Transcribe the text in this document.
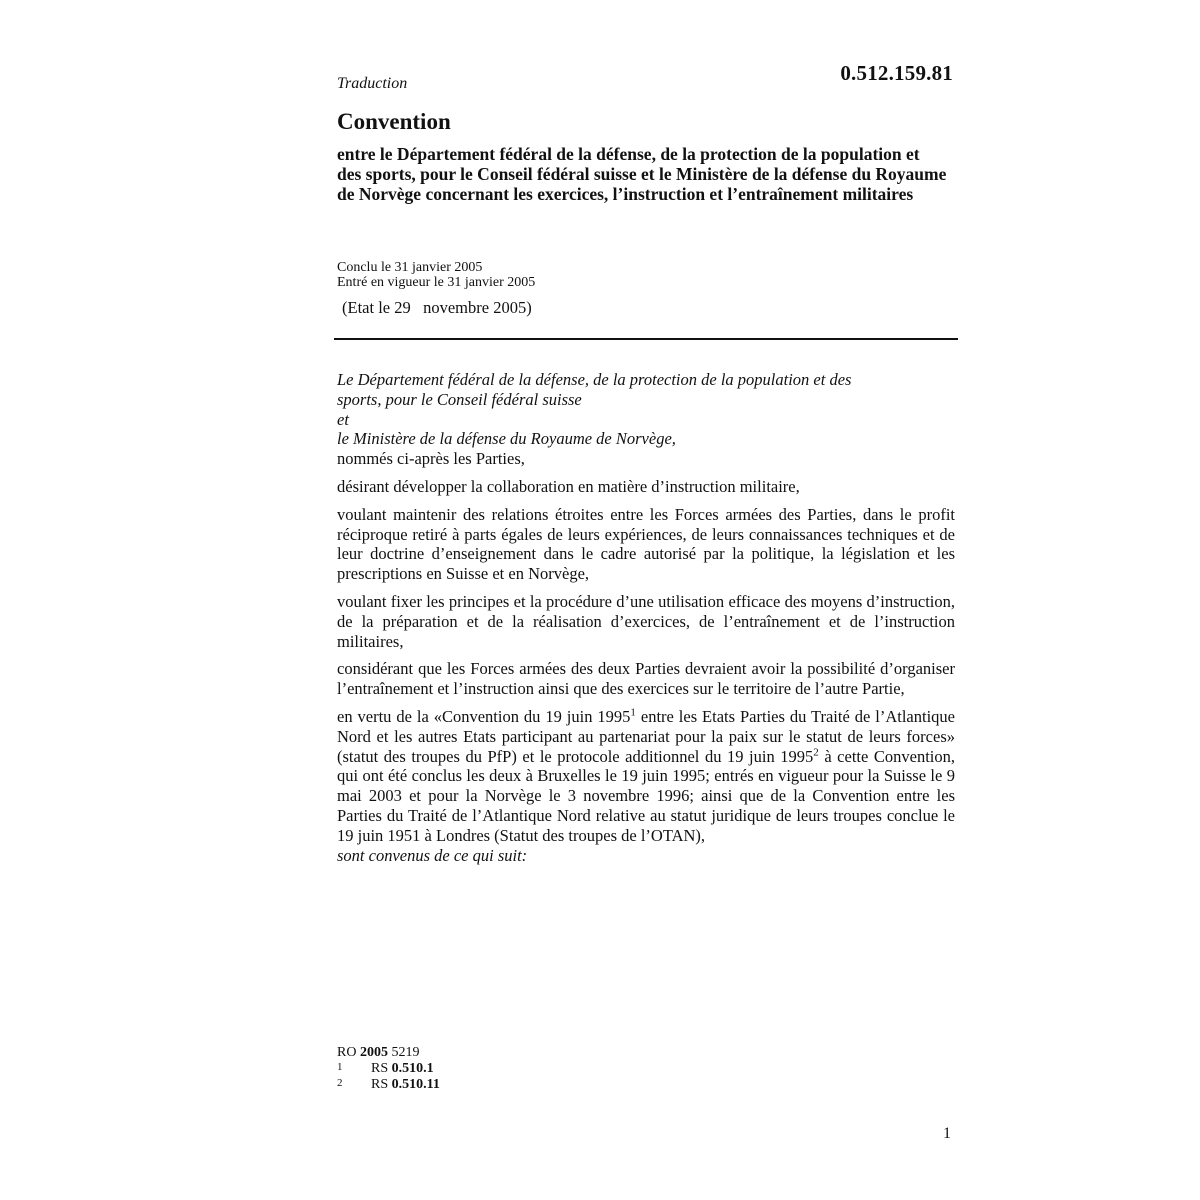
0.512.159.81
Traduction
Convention
entre le Département fédéral de la défense, de la protection de la population et des sports, pour le Conseil fédéral suisse et le Ministère de la défense du Royaume de Norvège concernant les exercices, l’instruction et l’entraînement militaires
Conclu le 31 janvier 2005
Entré en vigueur le 31 janvier 2005
(Etat le 29   novembre 2005)

Le Département fédéral de la défense, de la protection de la population et des sports, pour le Conseil fédéral suisse

et

le Ministère de la défense du Royaume de Norvège,

nommés ci-après les Parties,

désirant développer la collaboration en matière d’instruction militaire,

voulant maintenir des relations étroites entre les Forces armées des Parties, dans le profit réciproque retiré à parts égales de leurs expériences, de leurs connaissances techniques et de leur doctrine d’enseignement dans le cadre autorisé par la politique, la législation et les prescriptions en Suisse et en Norvège,

voulant fixer les principes et la procédure d’une utilisation efficace des moyens d’instruction, de la préparation et de la réalisation d’exercices, de l’entraînement et de l’instruction militaires,

considérant que les Forces armées des deux Parties devraient avoir la possibilité d’organiser l’entraînement et l’instruction ainsi que des exercices sur le territoire de l’autre Partie,

en vertu de la «Convention du 19 juin 1995$^1$ entre les Etats Parties du Traité de l’Atlantique Nord et les autres Etats participant au partenariat pour la paix sur le statut de leurs forces» (statut des troupes du PfP) et le protocole additionnel du 19 juin 1995$^2$ à cette Convention, qui ont été conclus les deux à Bruxelles le 19 juin 1995; entrés en vigueur pour la Suisse le 9 mai 2003 et pour la Norvège le 3 novembre 1996; ainsi que de la Convention entre les Parties du Traité de l’Atlantique Nord relative au statut juridique de leurs troupes conclue le 19 juin 1951 à Londres (Statut des troupes de l’OTAN),

sont convenus de ce qui suit:

RO 2005 5219
1	RS 0.510.1
2	RS 0.510.11
1
